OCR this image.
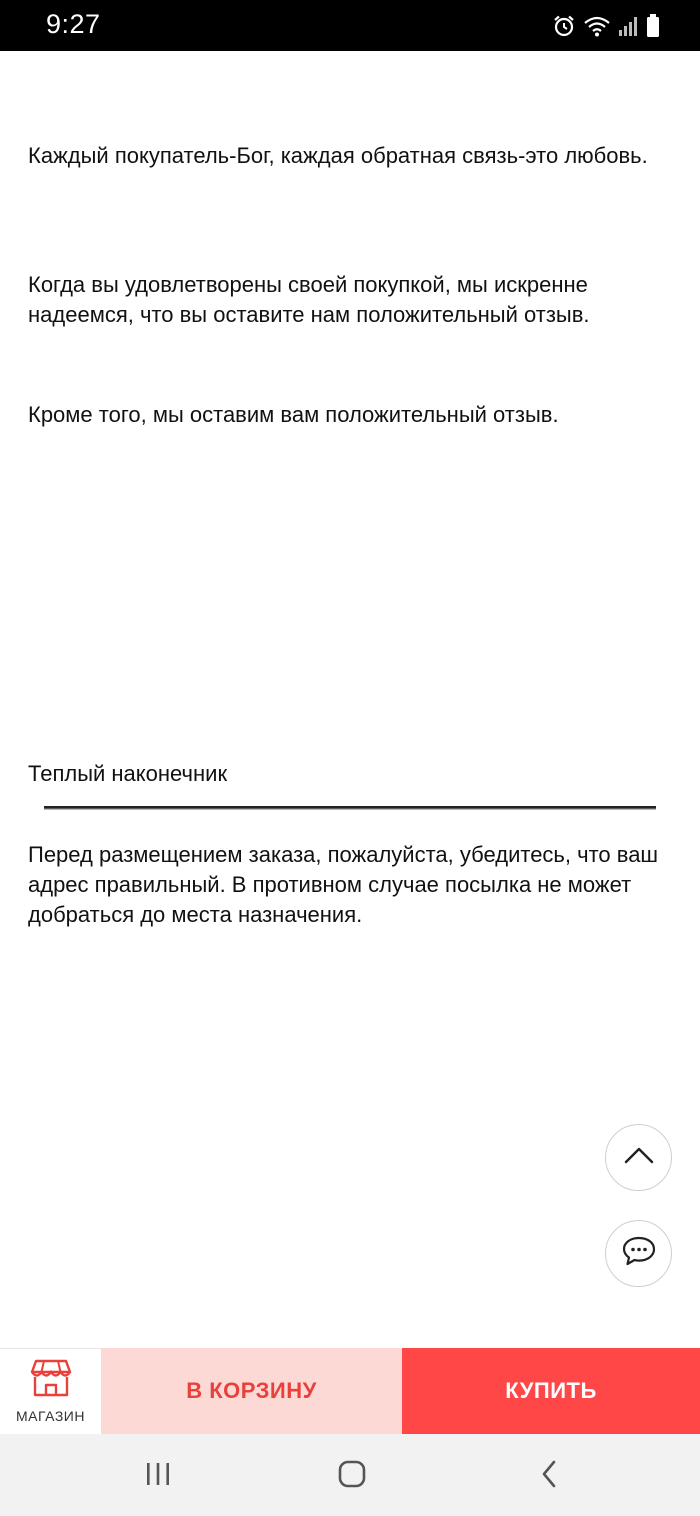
9:27

Каждый покупатель-Бог, каждая обратная связь-это любовь.

Когда вы удовлетворены своей покупкой, мы искренне надеемся, что вы оставите нам положительный отзыв.

Кроме того, мы оставим вам положительный отзыв.

Теплый наконечник

Перед размещением заказа, пожалуйста, убедитесь, что ваш адрес правильный. В противном случае посылка не может добраться до места назначения.

МАГАЗИН
В КОРЗИНУ	КУПИТЬ
